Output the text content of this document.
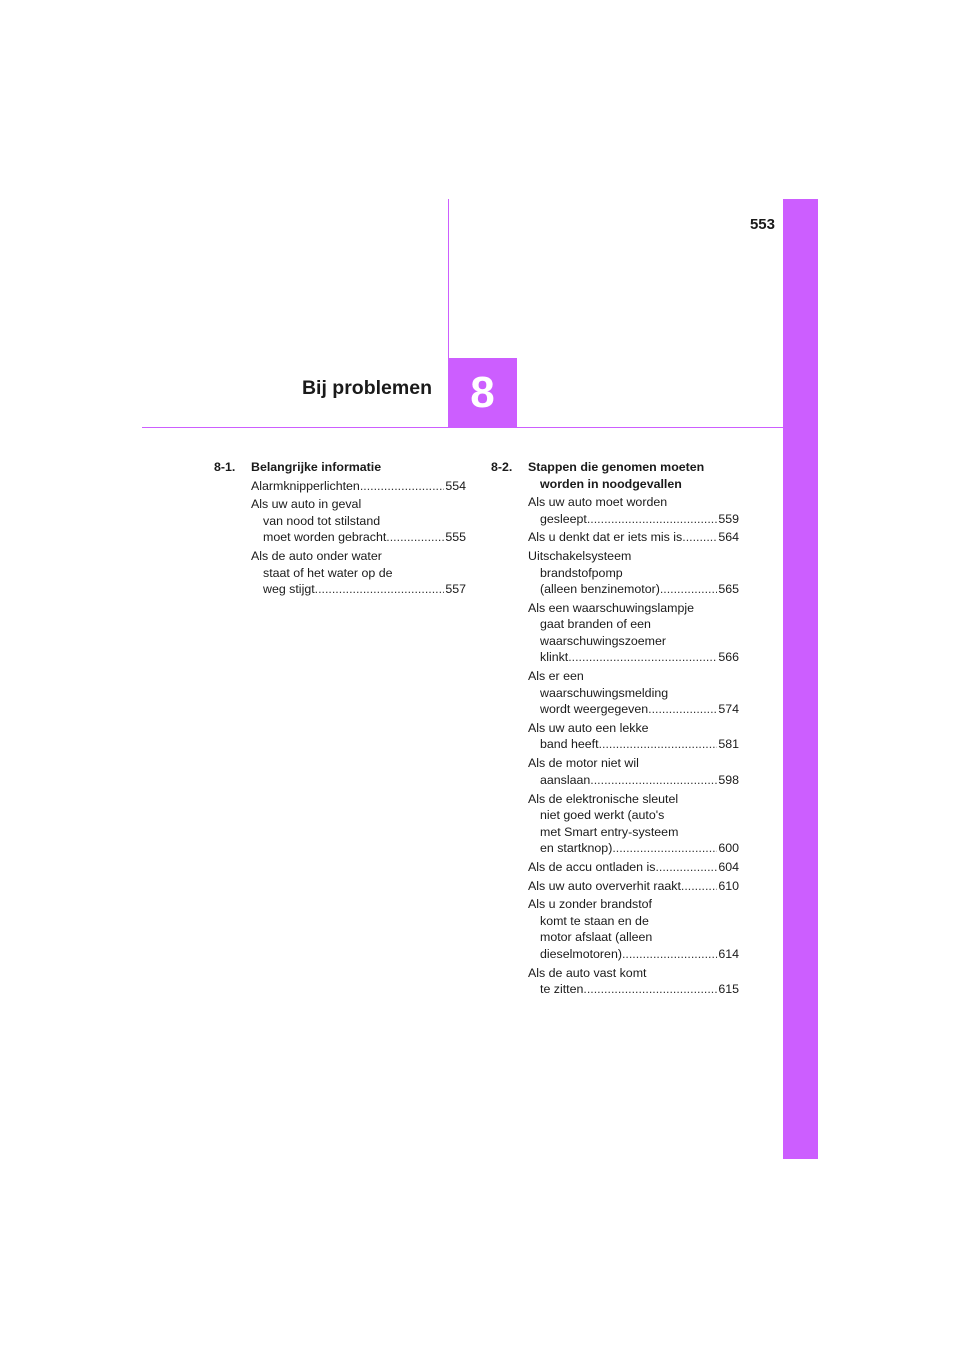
553
8
Bij problemen
8-1.	Belangrijke informatie
Alarmknipperlichten .....	554
Als uw auto in geval
van nood tot stilstand
moet worden gebracht .....	555
Als de auto onder water
staat of het water op de
weg stijgt .....	557
8-2.	Stappen die genomen moeten
worden in noodgevallen
Als uw auto moet worden
gesleept .....	559
Als u denkt dat er iets mis is .....	564
Uitschakelsysteem
brandstofpomp
(alleen benzinemotor) .....	565
Als een waarschuwingslampje
gaat branden of een
waarschuwingszoemer
klinkt .....	566
Als er een
waarschuwingsmelding
wordt weergegeven .....	574
Als uw auto een lekke
band heeft .....	581
Als de motor niet wil
aanslaan .....	598
Als de elektronische sleutel
niet goed werkt (auto's
met Smart entry-systeem
en startknop) .....	600
Als de accu ontladen is .....	604
Als uw auto oververhit raakt .....	610
Als u zonder brandstof
komt te staan en de
motor afslaat (alleen
dieselmotoren) .....	614
Als de auto vast komt
te zitten .....	615
